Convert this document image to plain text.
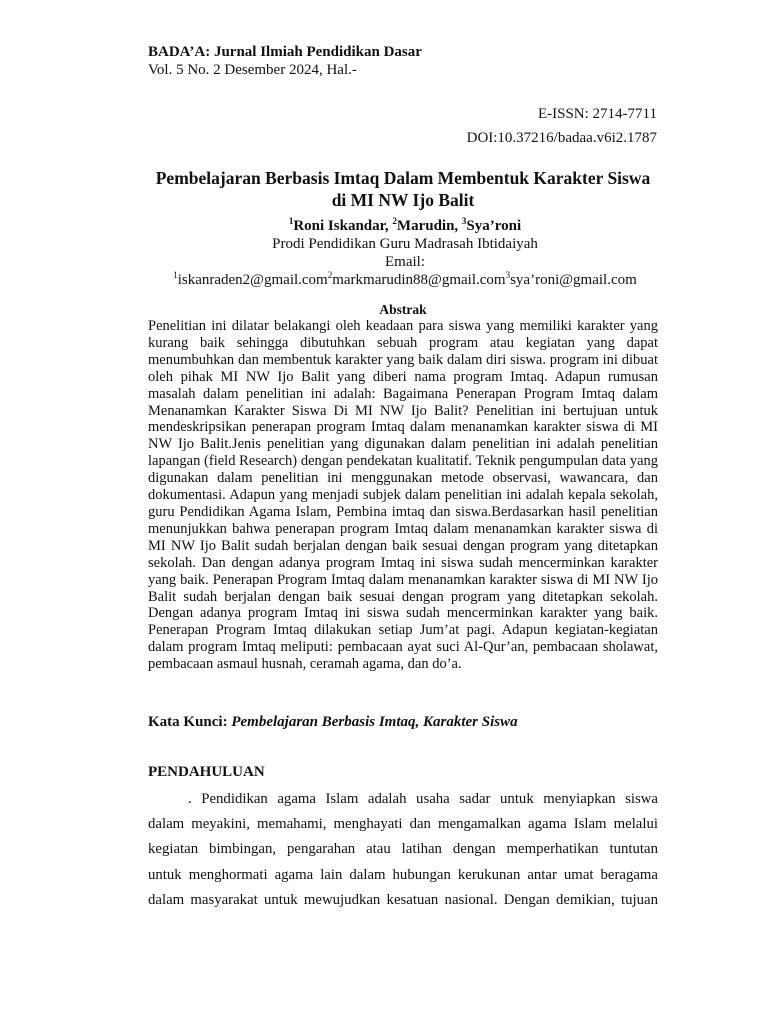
BADA’A: Jurnal Ilmiah Pendidikan Dasar
Vol. 5 No. 2 Desember 2024, Hal.-
E-ISSN: 2714-7711
DOI:10.37216/badaa.v6i2.1787
Pembelajaran Berbasis Imtaq Dalam Membentuk Karakter Siswa
di MI NW Ijo Balit
$^1$Roni Iskandar, $^2$Marudin, $^3$Sya’roni
Prodi Pendidikan Guru Madrasah Ibtidaiyah
Email:
$^1$iskanraden2@gmail.com$^2$markmarudin88@gmail.com$^3$sya’roni@gmail.com
Abstrak
Penelitian ini dilatar belakangi oleh keadaan para siswa yang memiliki karakter yang kurang baik sehingga dibutuhkan sebuah program atau kegiatan yang dapat menumbuhkan dan membentuk karakter yang baik dalam diri siswa. program ini dibuat oleh pihak MI NW Ijo Balit yang diberi nama program Imtaq. Adapun rumusan masalah dalam penelitian ini adalah: Bagaimana Penerapan Program Imtaq dalam Menanamkan Karakter Siswa Di MI NW Ijo Balit? Penelitian ini bertujuan untuk mendeskripsikan penerapan program Imtaq dalam menanamkan karakter siswa di MI NW Ijo Balit.Jenis penelitian yang digunakan dalam penelitian ini adalah penelitian lapangan (field Research) dengan pendekatan kualitatif. Teknik pengumpulan data yang digunakan dalam penelitian ini menggunakan metode observasi, wawancara, dan dokumentasi. Adapun yang menjadi subjek dalam penelitian ini adalah kepala sekolah, guru Pendidikan Agama Islam, Pembina imtaq dan siswa.Berdasarkan hasil penelitian menunjukkan bahwa penerapan program Imtaq dalam menanamkan karakter siswa di MI NW Ijo Balit sudah berjalan dengan baik sesuai dengan program yang ditetapkan sekolah. Dan dengan adanya program Imtaq ini siswa sudah mencerminkan karakter yang baik. Penerapan Program Imtaq dalam menanamkan karakter siswa di MI NW Ijo Balit sudah berjalan dengan baik sesuai dengan program yang ditetapkan sekolah. Dengan adanya program Imtaq ini siswa sudah mencerminkan karakter yang baik. Penerapan Program Imtaq dilakukan setiap Jum’at pagi. Adapun kegiatan-kegiatan dalam program Imtaq meliputi: pembacaan ayat suci Al-Qur’an, pembacaan sholawat, pembacaan asmaul husnah, ceramah agama, dan do’a.
Kata Kunci: Pembelajaran Berbasis Imtaq, Karakter Siswa
PENDAHULUAN
. Pendidikan agama Islam adalah usaha sadar untuk menyiapkan siswa
dalam meyakini, memahami, menghayati dan mengamalkan agama Islam melalui
kegiatan bimbingan, pengarahan atau latihan dengan memperhatikan tuntutan
untuk menghormati agama lain dalam hubungan kerukunan antar umat beragama
dalam masyarakat untuk mewujudkan kesatuan nasional. Dengan demikian, tujuan
